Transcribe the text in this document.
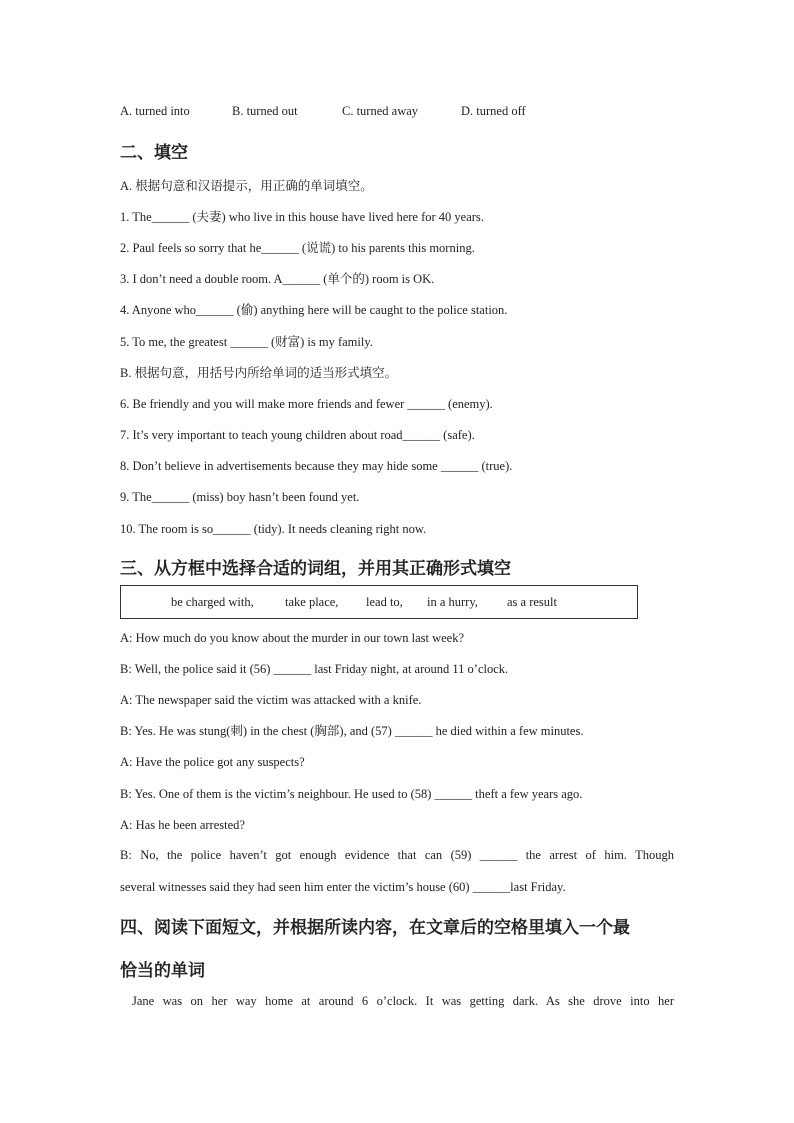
A. turned into	B. turned out	C. turned away	D. turned off
二、填空
A. 根据句意和汉语提示，用正确的单词填空。
1. The______ (夫妻) who live in this house have lived here for 40 years.
2. Paul feels so sorry that he______ (说谎) to his parents this morning.
3. I don’t need a double room. A______ (单个的) room is OK.
4. Anyone who______ (偷) anything here will be caught to the police station.
5. To me, the greatest ______ (财富) is my family.
B. 根据句意，用括号内所给单词的适当形式填空。
6. Be friendly and you will make more friends and fewer ______ (enemy).
7. It’s very important to teach young children about road______ (safe).
8. Don’t believe in advertisements because they may hide some ______ (true).
9. The______ (miss) boy hasn’t been found yet.
10. The room is so______ (tidy). It needs cleaning right now.
三、从方框中选择合适的词组，并用其正确形式填空
be charged with,	take place, lead to, in a hurry, as a result
A: How much do you know about the murder in our town last week?
B: Well, the police said it (56) ______ last Friday night, at around 11 o’clock.
A: The newspaper said the victim was attacked with a knife.
B: Yes. He was stung(刺) in the chest (胸部), and (57) ______ he died within a few minutes.
A: Have the police got any suspects?
B: Yes. One of them is the victim’s neighbour. He used to (58) ______ theft a few years ago.
A: Has he been arrested?
B: No, the police haven’t got enough evidence that can (59) ______ the arrest of him. Though
several witnesses said they had seen him enter the victim’s house (60) ______last Friday.
四、阅读下面短文，并根据所读内容，在文章后的空格里填入一个最
恰当的单词
Jane was on her way home at around 6 o’clock. It was getting dark. As she drove into her
